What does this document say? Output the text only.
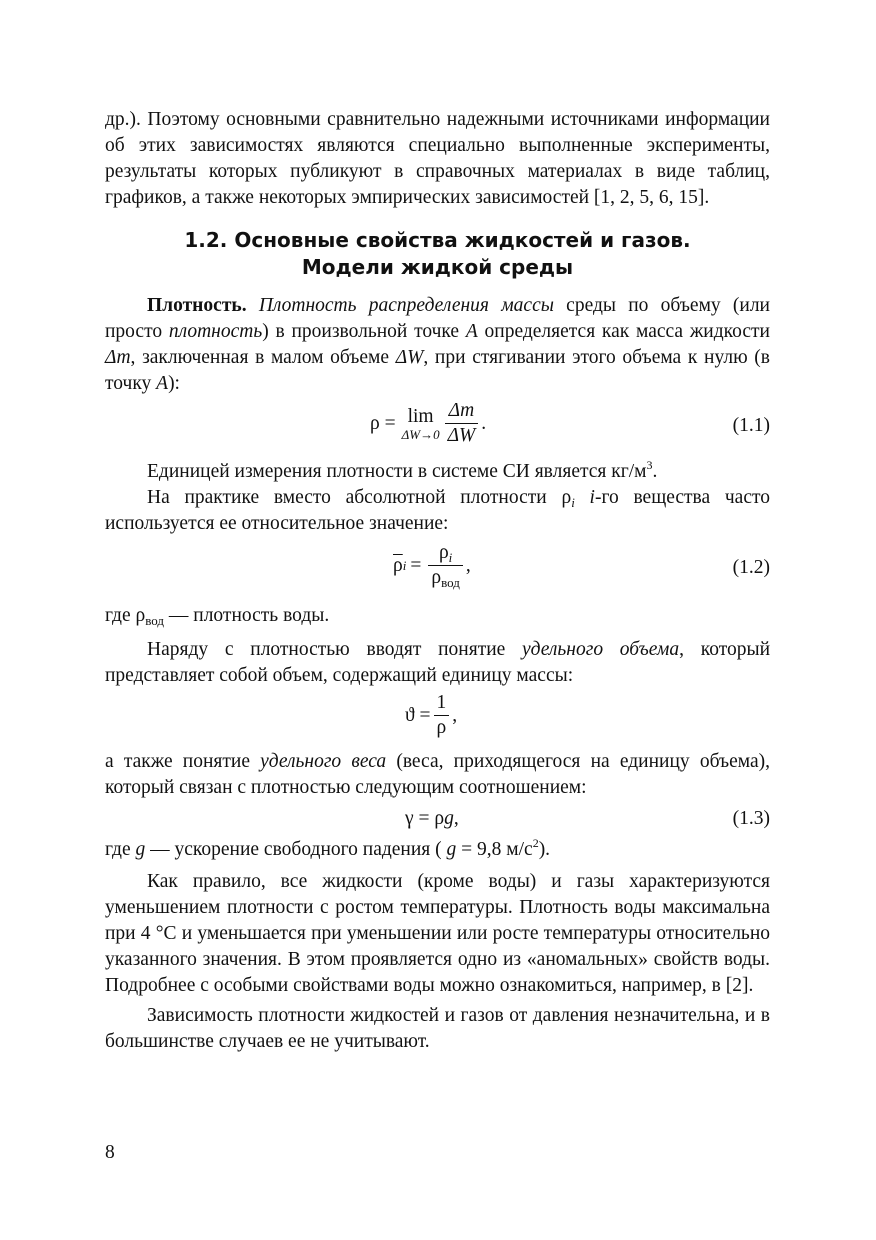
др.). Поэтому основными сравнительно надежными источниками информации об этих зависимостях являются специально выполненные эксперименты, результаты которых публикуют в справочных материалах в виде таблиц, графиков, а также некоторых эмпирических зависимостей [1, 2, 5, 6, 15].

1.2. Основные свойства жидкостей и газов.
Модели жидкой среды

Плотность. Плотность распределения массы среды по объему (или просто плотность) в произвольной точке A определяется как масса жидкости Δm, заключенная в малом объеме ΔW, при стягивании этого объема к нулю (в точку A):

ρ = lim
$\Delta W\to 0 \frac{\Delta m}{\Delta W}$ .	(1.1)

Единицей измерения плотности в системе СИ является $кг/м^3$.

На практике вместо абсолютной плотности $\rho_i$ i-го вещества часто используется ее относительное значение:

$\overline{\rho}$ $i = \frac{\rho_i}{\rho_{вод}}$ ,	(1.2)

где $\rho_{вод}$ — плотность воды.

Наряду с плотностью вводят понятие удельного объема, который представляет собой объем, содержащий единицу массы:

$ϑ = \frac{1}{\rho}$ ,

а также понятие удельного веса (веса, приходящегося на единицу объема), который связан с плотностью следующим соотношением:

γ = ρ g ,	(1.3)

где g — ускорение свободного падения ( g = 9,8 $м/с^2$).

Как правило, все жидкости (кроме воды) и газы характеризуются уменьшением плотности с ростом температуры. Плотность воды максимальна при 4 °С и уменьшается при уменьшении или росте температуры относительно указанного значения. В этом проявляется одно из «аномальных» свойств воды. Подробнее с особыми свойствами воды можно ознакомиться, например, в [2].

Зависимость плотности жидкостей и газов от давления незначительна, и в большинстве случаев ее не учитывают.

8
